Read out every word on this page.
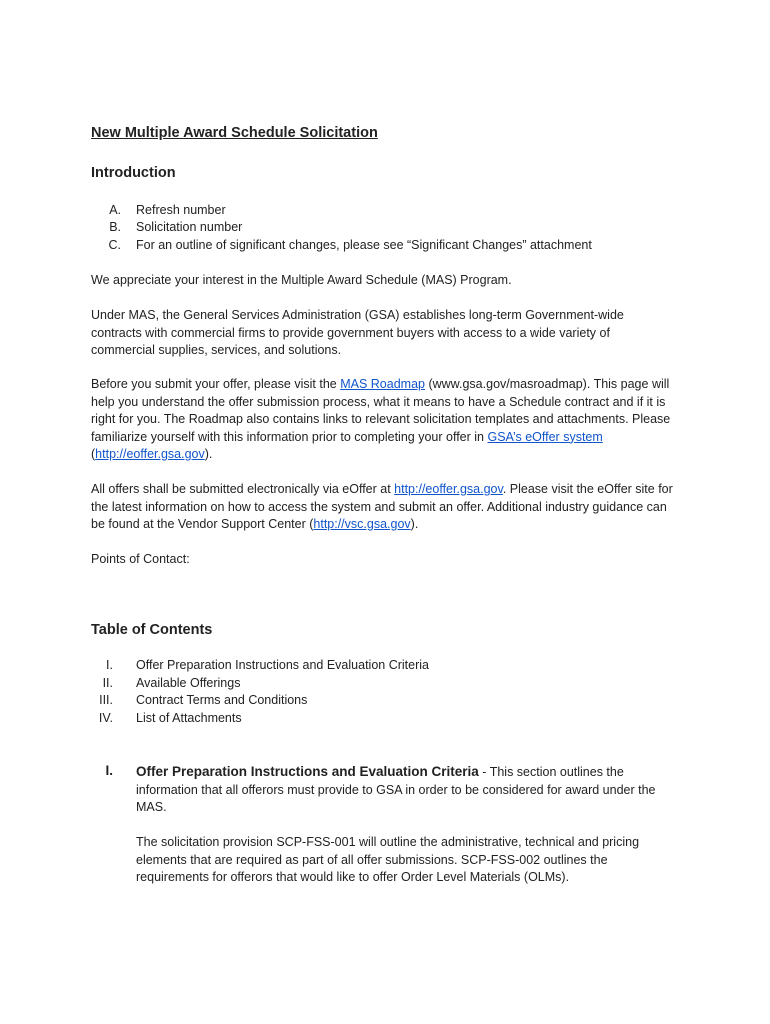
New Multiple Award Schedule Solicitation
Introduction
A. Refresh number
B. Solicitation number
C. For an outline of significant changes, please see “Significant Changes” attachment
We appreciate your interest in the Multiple Award Schedule (MAS) Program.
Under MAS, the General Services Administration (GSA) establishes long-term Government-wide
contracts with commercial firms to provide government buyers with access to a wide variety of
commercial supplies, services, and solutions.
Before you submit your offer, please visit the MAS Roadmap (www.gsa.gov/masroadmap). This page will
help you understand the offer submission process, what it means to have a Schedule contract and if it is
right for you. The Roadmap also contains links to relevant solicitation templates and attachments. Please
familiarize yourself with this information prior to completing your offer in GSA’s eOffer system
(http://eoffer.gsa.gov).
All offers shall be submitted electronically via eOffer at http://eoffer.gsa.gov. Please visit the eOffer site for
the latest information on how to access the system and submit an offer. Additional industry guidance can
be found at the Vendor Support Center (http://vsc.gsa.gov).
Points of Contact:
Table of Contents
I. Offer Preparation Instructions and Evaluation Criteria
II. Available Offerings
III. Contract Terms and Conditions
IV. List of Attachments
I. Offer Preparation Instructions and Evaluation Criteria - This section outlines the
information that all offerors must provide to GSA in order to be considered for award under the
MAS.
The solicitation provision SCP-FSS-001 will outline the administrative, technical and pricing
elements that are required as part of all offer submissions. SCP-FSS-002 outlines the
requirements for offerors that would like to offer Order Level Materials (OLMs).
